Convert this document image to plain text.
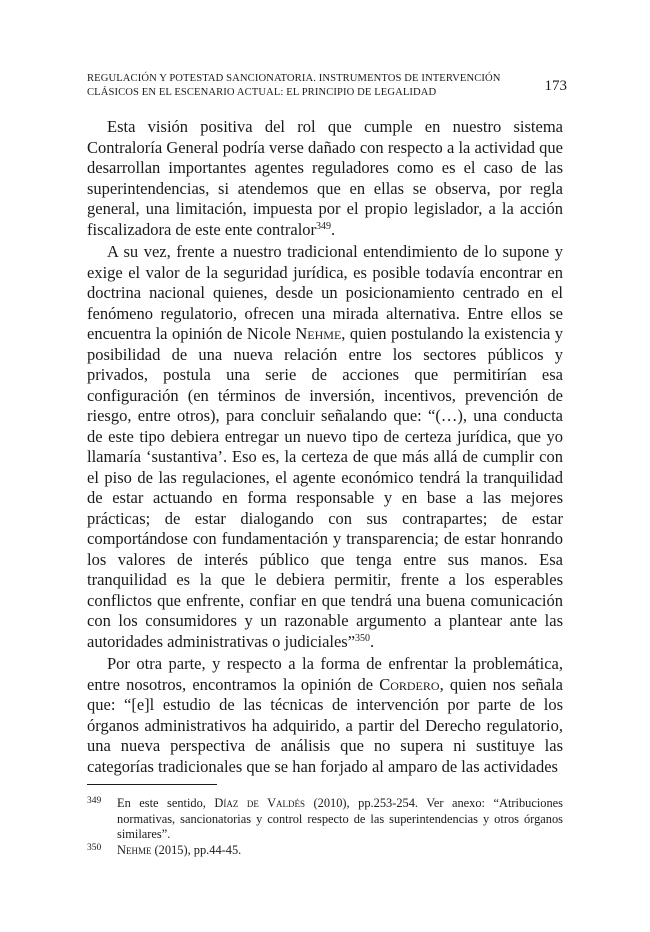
REGULACIÓN Y POTESTAD SANCIONATORIA. INSTRUMENTOS DE INTERVENCIÓN
CLÁSICOS EN EL ESCENARIO ACTUAL: EL PRINCIPIO DE LEGALIDAD	173

Esta visión positiva del rol que cumple en nuestro sistema Contraloría General podría verse dañado con respecto a la actividad que desarrollan importantes agentes reguladores como es el caso de las superintendencias, si atendemos que en ellas se observa, por regla general, una limitación, impuesta por el propio legislador, a la acción fiscalizadora de este ente contralor$^{349}$.

A su vez, frente a nuestro tradicional entendimiento de lo supone y exige el valor de la seguridad jurídica, es posible todavía encontrar en doctrina nacional quienes, desde un posicionamiento centrado en el fenómeno regulatorio, ofrecen una mirada alternativa. Entre ellos se encuentra la opinión de Nicole Nehme, quien postulando la existencia y posibilidad de una nueva relación entre los sectores públicos y privados, postula una serie de acciones que permitirían esa configuración (en términos de inversión, incentivos, prevención de riesgo, entre otros), para concluir señalando que: “(…), una conducta de este tipo debiera entregar un nuevo tipo de certeza jurídica, que yo llamaría ‘sustantiva’. Eso es, la certeza de que más allá de cumplir con el piso de las regulaciones, el agente económico tendrá la tranquilidad de estar actuando en forma responsable y en base a las mejores prácticas; de estar dialogando con sus contrapartes; de estar comportándose con fundamentación y transparencia; de estar honrando los valores de interés público que tenga entre sus manos. Esa tranquilidad es la que le debiera permitir, frente a los esperables conflictos que enfrente, confiar en que tendrá una buena comunicación con los consumidores y un razonable argumento a plantear ante las autoridades administrativas o judiciales”$^{350}$.

Por otra parte, y respecto a la forma de enfrentar la problemática, entre nosotros, encontramos la opinión de Cordero, quien nos señala que: “[e]l estudio de las técnicas de intervención por parte de los órganos administrativos ha adquirido, a partir del Derecho regulatorio, una nueva perspectiva de análisis que no supera ni sustituye las categorías tradicionales que se han forjado al amparo de las actividades

349 En este sentido, Díaz de Valdés (2010), pp.253-254. Ver anexo: “Atribuciones normativas, sancionatorias y control respecto de las superintendencias y otros órganos similares”.
350 Nehme (2015), pp.44-45.
